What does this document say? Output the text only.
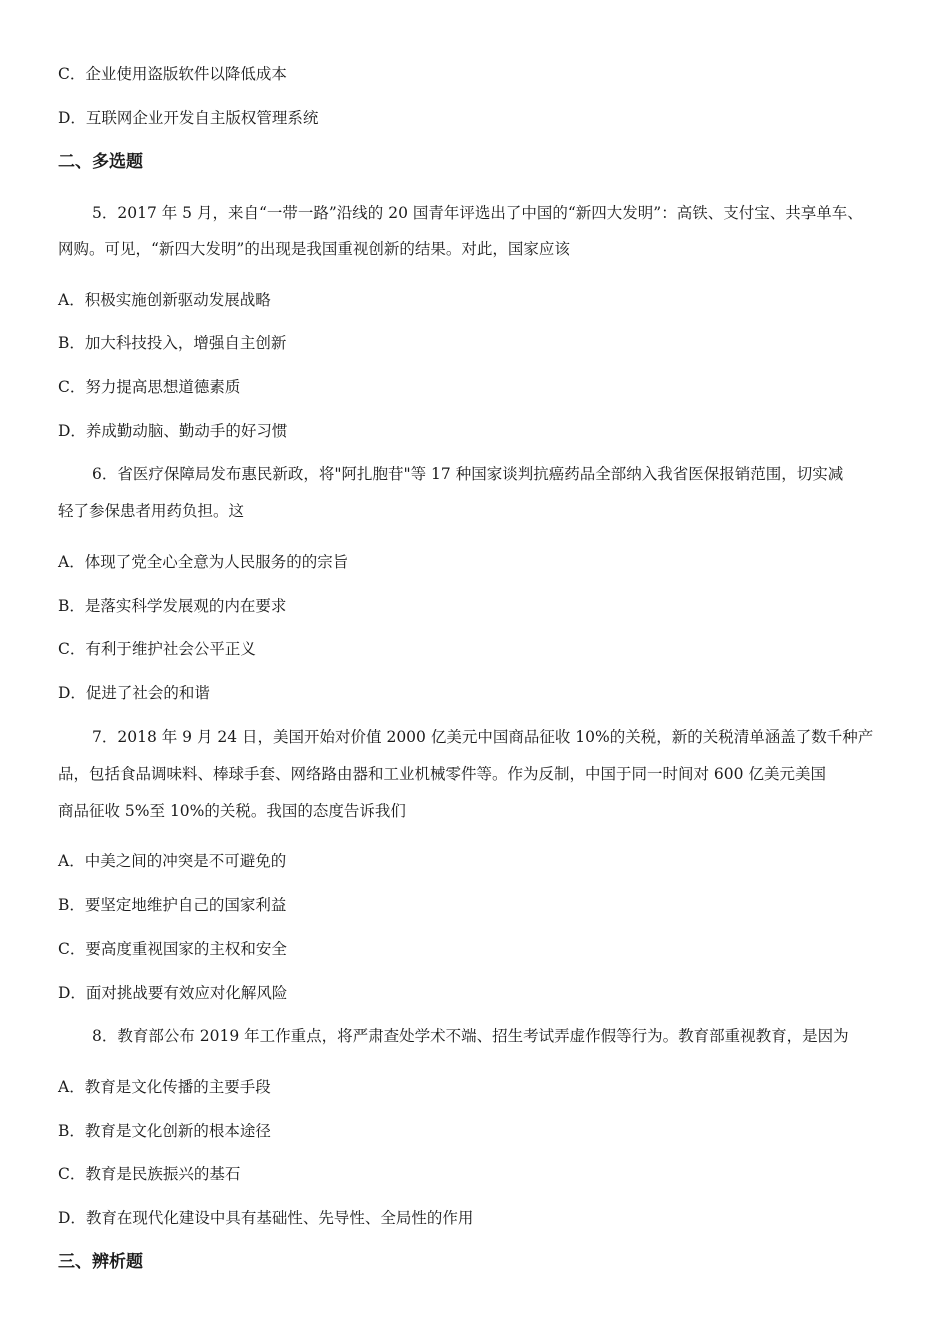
C．企业使用盗版软件以降低成本
D．互联网企业开发自主版权管理系统
二、多选题
5．2017 年 5 月，来自“一带一路”沿线的 20 国青年评选出了中国的“新四大发明”：高铁、支付宝、共享单车、
网购。可见，“新四大发明”的出现是我国重视创新的结果。对此，国家应该
A．积极实施创新驱动发展战略
B．加大科技投入，增强自主创新
C．努力提高思想道德素质
D．养成勤动脑、勤动手的好习惯
6．省医疗保障局发布惠民新政，将"阿扎胞苷"等 17 种国家谈判抗癌药品全部纳入我省医保报销范围，切实减
轻了参保患者用药负担。这
A．体现了党全心全意为人民服务的的宗旨
B．是落实科学发展观的内在要求
C．有利于维护社会公平正义
D．促进了社会的和谐
7．2018 年 9 月 24 日，美国开始对价值 2000 亿美元中国商品征收 10%的关税，新的关税清单涵盖了数千种产
品，包括食品调味料、棒球手套、网络路由器和工业机械零件等。作为反制，中国于同一时间对 600 亿美元美国
商品征收 5%至 10%的关税。我国的态度告诉我们
A．中美之间的冲突是不可避免的
B．要坚定地维护自己的国家利益
C．要高度重视国家的主权和安全
D．面对挑战要有效应对化解风险
8．教育部公布 2019 年工作重点，将严肃查处学术不端、招生考试弄虚作假等行为。教育部重视教育，是因为
A．教育是文化传播的主要手段
B．教育是文化创新的根本途径
C．教育是民族振兴的基石
D．教育在现代化建设中具有基础性、先导性、全局性的作用
三、辨析题
